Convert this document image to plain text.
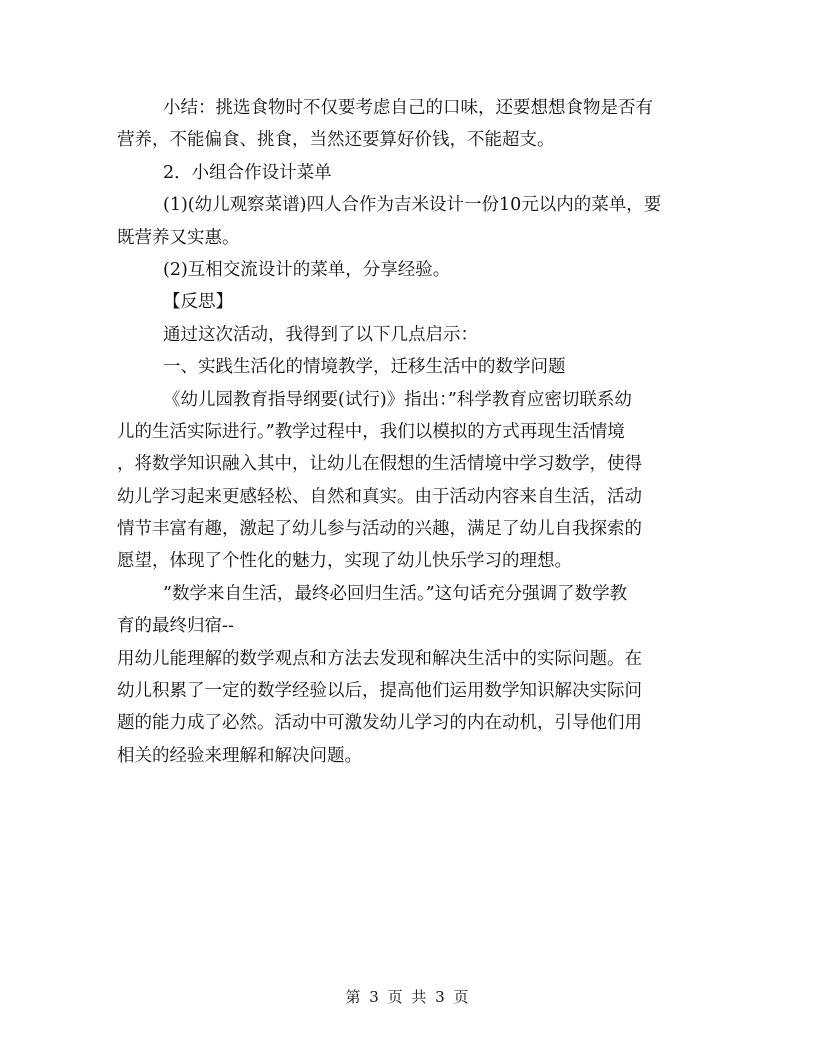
小结：挑选食物时不仅要考虑自己的口味，还要想想食物是否有
营养，不能偏食、挑食，当然还要算好价钱，不能超支。
2．小组合作设计菜单
(1)(幼儿观察菜谱)四人合作为吉米设计一份10元以内的菜单，要
既营养又实惠。
(2)互相交流设计的菜单，分享经验。
【反思】
通过这次活动，我得到了以下几点启示：
一、实践生活化的情境教学，迁移生活中的数学问题
《幼儿园教育指导纲要(试行)》指出：”科学教育应密切联系幼
儿的生活实际进行。”教学过程中，我们以模拟的方式再现生活情境
，将数学知识融入其中，让幼儿在假想的生活情境中学习数学，使得
幼儿学习起来更感轻松、自然和真实。由于活动内容来自生活，活动
情节丰富有趣，激起了幼儿参与活动的兴趣，满足了幼儿自我探索的
愿望，体现了个性化的魅力，实现了幼儿快乐学习的理想。
”数学来自生活，最终必回归生活。”这句话充分强调了数学教
育的最终归宿--
用幼儿能理解的数学观点和方法去发现和解决生活中的实际问题。在
幼儿积累了一定的数学经验以后，提高他们运用数学知识解决实际问
题的能力成了必然。活动中可激发幼儿学习的内在动机，引导他们用
相关的经验来理解和解决问题。
第 3 页 共 3 页
